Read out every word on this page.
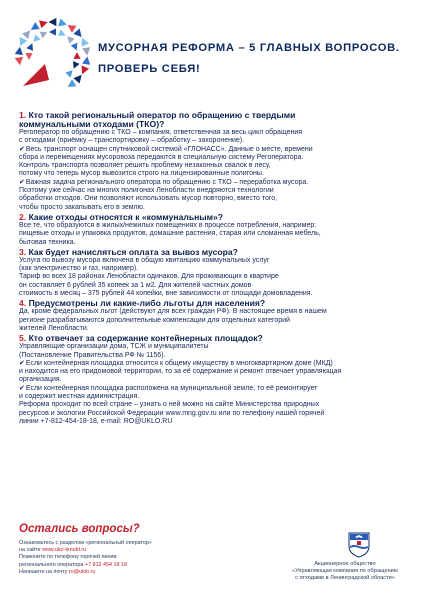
МУСОРНАЯ РЕФОРМА – 5 ГЛАВНЫХ ВОПРОСОВ.
ПРОВЕРЬ СЕБЯ!
1. Кто такой региональный оператор по обращению с твердыми
коммунальными отходами (ТКО)?

Регоператор по обращению с ТКО – компания, ответственная за весь цикл обращения

с отходами (приёмку – транспортировку – обработку – захоронение).

✔Весь транспорт оснащен спутниковой системой «ГЛОНАСС». Данные о месте, времени

сбора и перемещениях мусоровоза передаются в специальную систему Регоператора.

Контроль транспорта позволяет решить проблему незаконных свалок в лесу,

потому что теперь мусор вывозится строго на лицензированные полигоны.

✔Важная задача регионального оператора по обращению с ТКО – переработка мусора.

Поэтому уже сейчас на многих полигонах Ленобласти внедряются технологии

обработки отходов. Они позволяют использовать мусор повторно, вместо того,

чтобы просто закапывать его в землю.

2. Какие отходы относятся к «коммунальным»?

Все те, что образуются в жилых/нежилых помещениях в процессе потребления, например:

пищевые отходы и упаковка продуктов, домашние растения, старая или сломанная мебель,

бытовая техника.

3. Как будет начисляться оплата за вывоз мусора?

Услуга по вывозу мусора включена в общую квитанцию коммунальных услуг

(как электричество и газ, например).

Тариф во всех 18 районах Ленобласти одинаков. Для проживающих в квартире

он составляет 6 рублей 35 копеек за 1 м2. Для жителей частных домов

стоимость в месяц – 375 рублей 44 копейки, вне зависимости от площади домовладения.

4. Предусмотрены ли какие-либо льготы для населения?

Да, кроме федеральных льгот (действуют для всех граждан РФ). В настоящее время в нашем

регионе разрабатываются дополнительные компенсации для отдельных категорий

жителей Ленобласти.

5. Кто отвечает за содержание контейнерных площадок?

Управляющие организации дома, ТСЖ и муниципалитеты

(Постановление Правительства РФ № 1156).

✔Если контейнерная площадка относится к общему имуществу в многоквартирном доме (МКД)

и находится на его придомовой территории, то за её содержание и ремонт отвечает управляющая

организация.

✔Если контейнерная площадка расположена на муниципальной земле, то её ремонтирует

и содержит местная администрация.

Реформа проходит по всей стране – узнать о ней можно на сайте Министерства природных

ресурсов и экологии Российской Федерации www.mng.gov.ru или по телефону нашей горячей

линии +7-812-454-18-18, e-mail: RO@UKLO.RU

Остались вопросы?
Ознакомьтесь с разделом «региональный оператор»
на сайте www.uko-lenobl.ru
Позвоните по телефону горячей линии
регионального оператора +7 812 454 18 18
Напишите на почту ro@uklo.ru
Акционерное общество
«Управляющая компания по обращению
с отходами в Ленинградской области»
